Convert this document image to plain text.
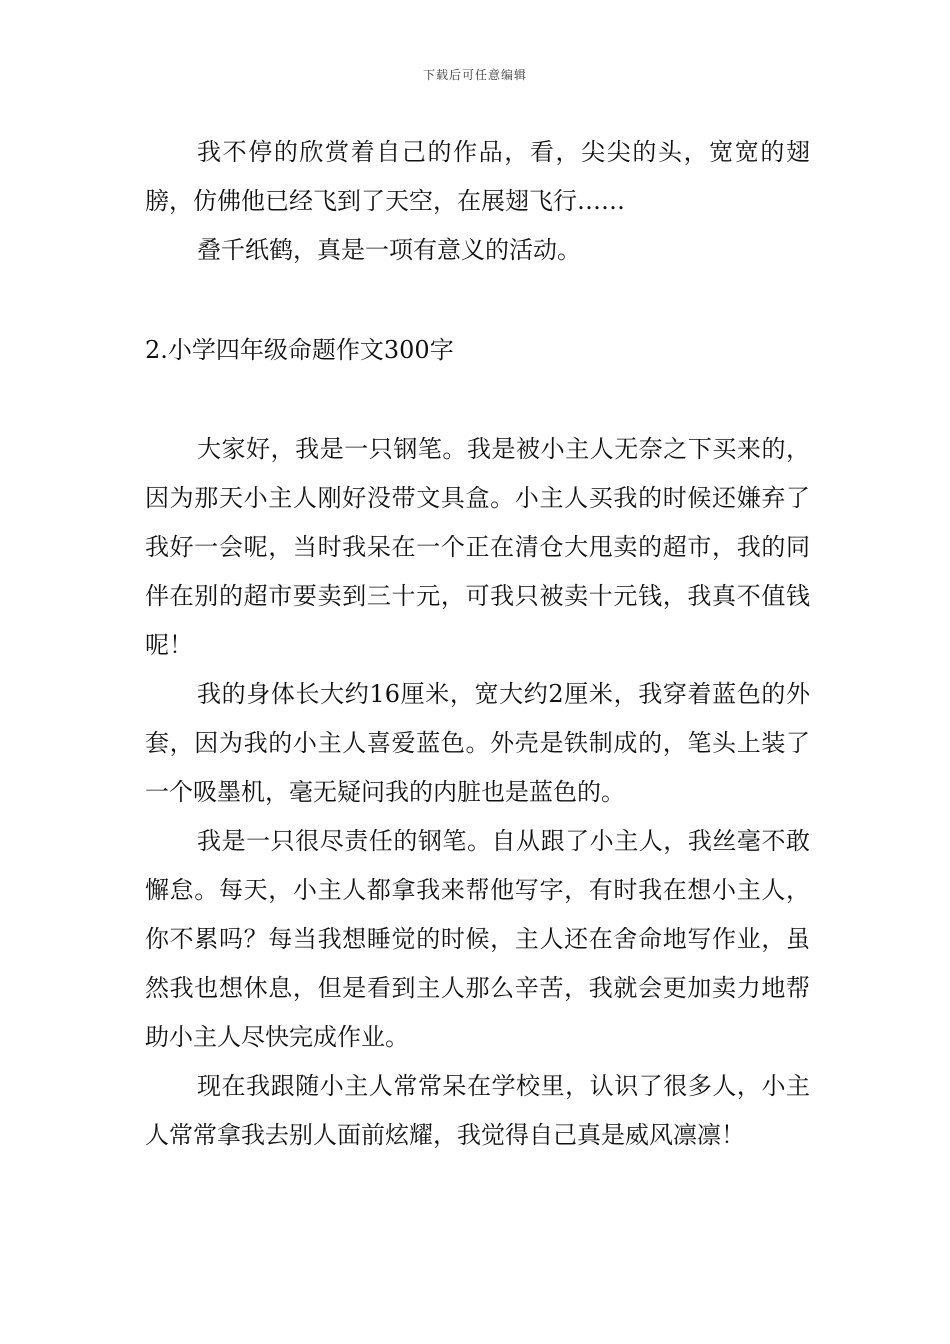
下载后可任意编辑

我不停的欣赏着自己的作品，看，尖尖的头，宽宽的翅膀，仿佛他已经飞到了天空，在展翅飞行……

叠千纸鹤，真是一项有意义的活动。

2.小学四年级命题作文300字

大家好，我是一只钢笔。我是被小主人无奈之下买来的，因为那天小主人刚好没带文具盒。小主人买我的时候还嫌弃了我好一会呢，当时我呆在一个正在清仓大甩卖的超市，我的同伴在别的超市要卖到三十元，可我只被卖十元钱，我真不值钱呢！

我的身体长大约16厘米，宽大约2厘米，我穿着蓝色的外套，因为我的小主人喜爱蓝色。外壳是铁制成的，笔头上装了一个吸墨机，毫无疑问我的内脏也是蓝色的。

我是一只很尽责任的钢笔。自从跟了小主人，我丝毫不敢懈怠。每天，小主人都拿我来帮他写字，有时我在想小主人，你不累吗？每当我想睡觉的时候，主人还在舍命地写作业，虽然我也想休息，但是看到主人那么辛苦，我就会更加卖力地帮助小主人尽快完成作业。

现在我跟随小主人常常呆在学校里，认识了很多人，小主人常常拿我去别人面前炫耀，我觉得自己真是威风凛凛！
